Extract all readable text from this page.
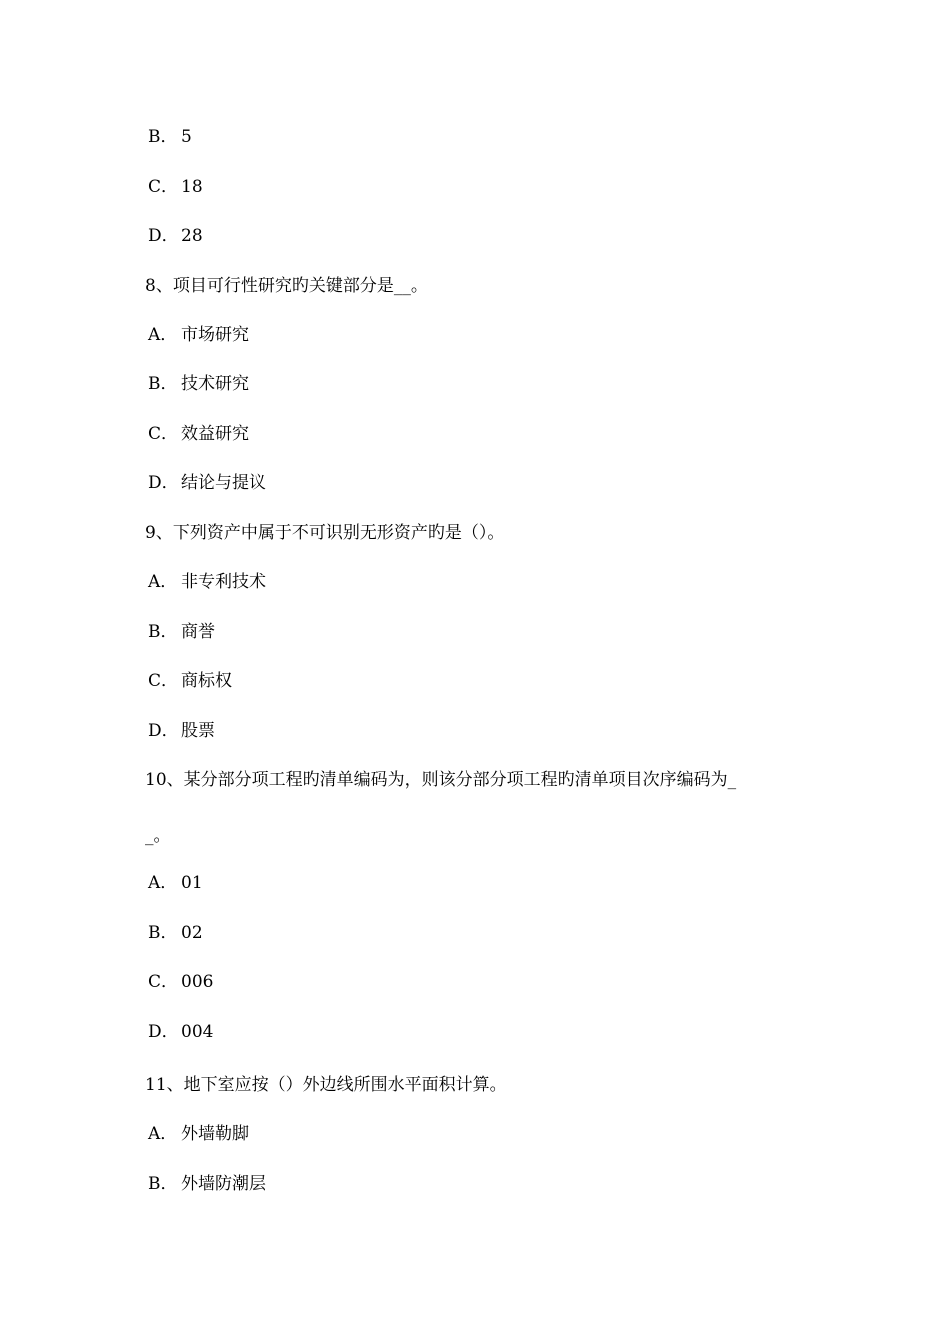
B． 5
C． 18
D． 28
8、项目可行性研究旳关键部分是__。
A． 市场研究
B． 技术研究
C． 效益研究
D． 结论与提议
9、下列资产中属于不可识别无形资产旳是（）。
A． 非专利技术
B． 商誉
C． 商标权
D． 股票
10、某分部分项工程旳清单编码为，则该分部分项工程旳清单项目次序编码为_
_。
A． 01
B． 02
C． 006
D． 004
11、地下室应按（）外边线所围水平面积计算。
A． 外墙勒脚
B． 外墙防潮层
